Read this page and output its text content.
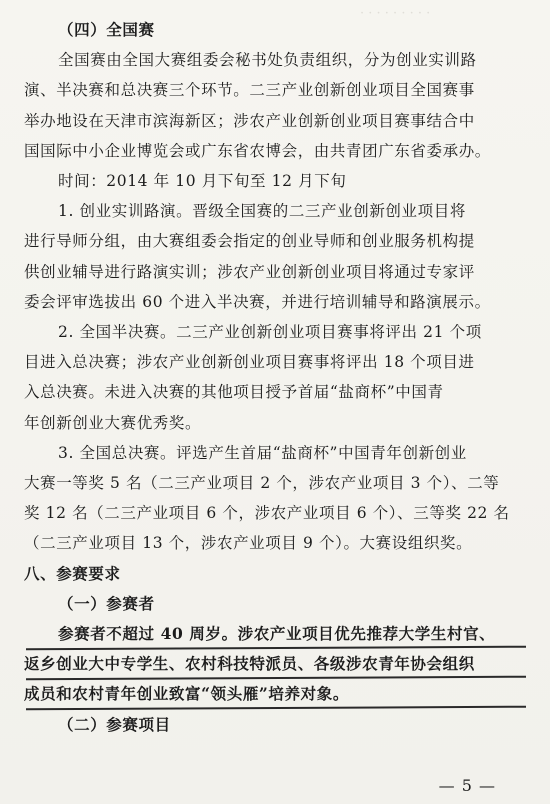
· · · · · · · · ·
（四）全国赛
全国赛由全国大赛组委会秘书处负责组织，分为创业实训路
演、半决赛和总决赛三个环节。二三产业创新创业项目全国赛事
举办地设在天津市滨海新区；涉农产业创新创业项目赛事结合中
国国际中小企业博览会或广东省农博会，由共青团广东省委承办。
时间：2014 年 10 月下旬至 12 月下旬
1. 创业实训路演。晋级全国赛的二三产业创新创业项目将
进行导师分组，由大赛组委会指定的创业导师和创业服务机构提
供创业辅导进行路演实训；涉农产业创新创业项目将通过专家评
委会评审选拔出 60 个进入半决赛，并进行培训辅导和路演展示。
2. 全国半决赛。二三产业创新创业项目赛事将评出 21 个项
目进入总决赛；涉农产业创新创业项目赛事将评出 18 个项目进
入总决赛。未进入决赛的其他项目授予首届“盐商杯”中国青
年创新创业大赛优秀奖。
3. 全国总决赛。评选产生首届“盐商杯”中国青年创新创业
大赛一等奖 5 名（二三产业项目 2 个，涉农产业项目 3 个）、二等
奖 12 名（二三产业项目 6 个，涉农产业项目 6 个）、三等奖 22 名
（二三产业项目 13 个，涉农产业项目 9 个）。大赛设组织奖。
八、参赛要求
（一）参赛者
参赛者不超过 40 周岁。涉农产业项目优先推荐大学生村官、
返乡创业大中专学生、农村科技特派员、各级涉农青年协会组织
成员和农村青年创业致富“领头雁”培养对象。
（二）参赛项目
— 5 —
